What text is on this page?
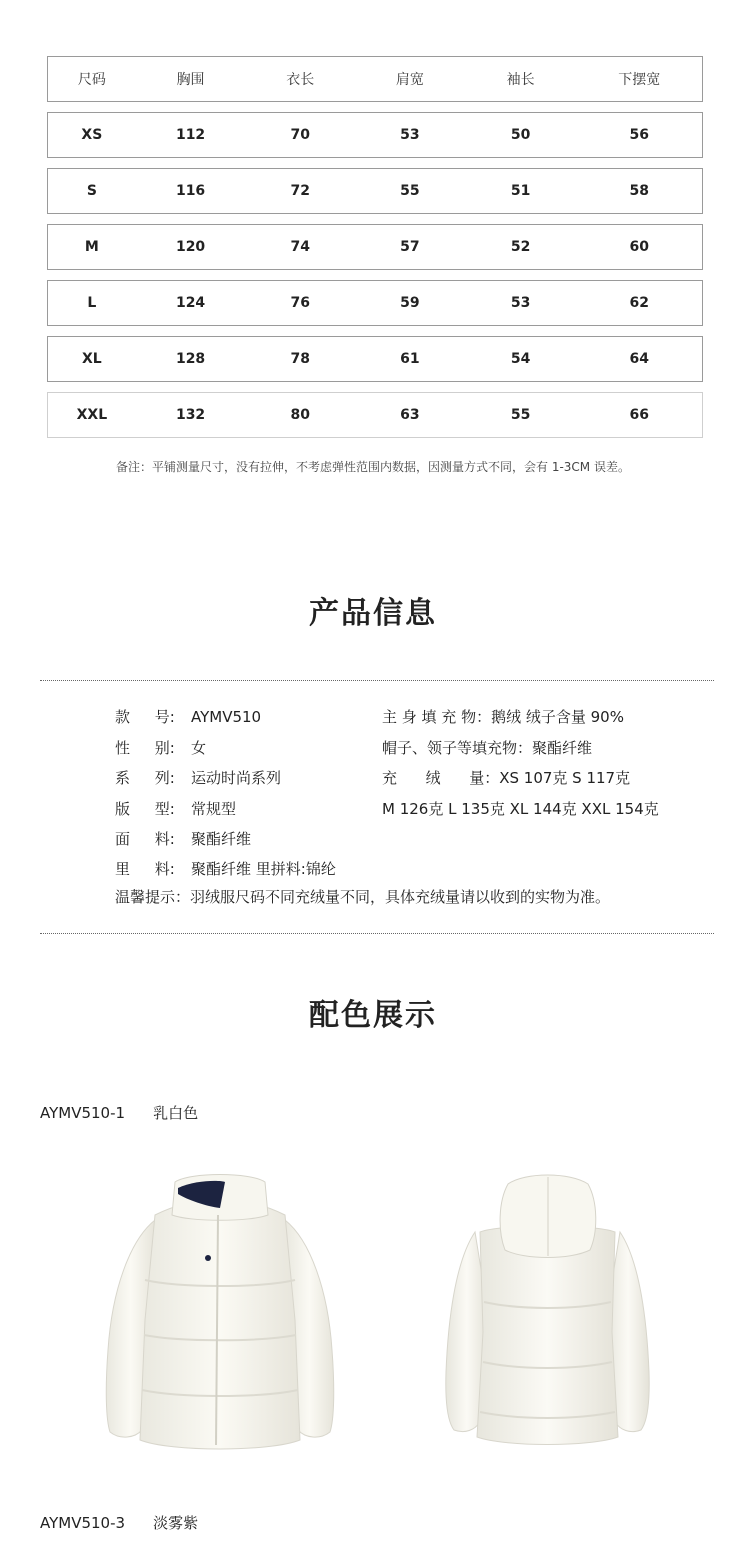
尺码	胸围	衣长	肩宽	袖长	下摆宽
XS	112	70	53	50	56
S	116	72	55	51	58
M	120	74	57	52	60
L	124	76	59	53	62
XL	128	78	61	54	64
XXL	132	80	63	55	66
备注：平铺测量尺寸，没有拉伸，不考虑弹性范围内数据，因测量方式不同，会有 1-3CM 误差。
产品信息
款 号: AYMV510
性 别: 女
系 列: 运动时尚系列
版 型: 常规型
面 料: 聚酯纤维
里 料: 聚酯纤维 里拼料:锦纶
温馨提示：羽绒服尺码不同充绒量不同，具体充绒量请以收到的实物为准。
主 身 填 充 物：鹅绒 绒子含量 90%
帽子、领子等填充物：聚酯纤维
充      绒      量：XS 107克 S 117克
M 126克 L 135克 XL 144克 XXL 154克
配色展示
AYMV510-1 乳白色
AYMV510-3 淡雾紫
